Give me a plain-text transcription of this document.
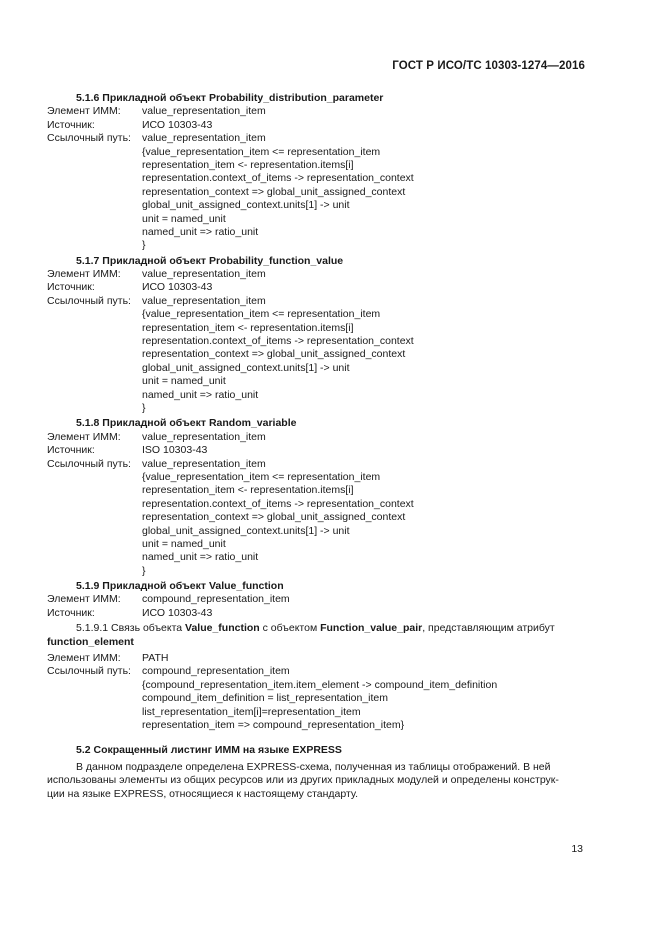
ГОСТ Р ИСО/ТС 10303-1274—2016
5.1.6 Прикладной объект Probability_distribution_parameter
Элемент ИММ:	value_representation_item
Источник:	ИСО 10303-43
Ссылочный путь:	value_representation_item
{value_representation_item <= representation_item
representation_item <- representation.items[i]
representation.context_of_items -> representation_context
representation_context => global_unit_assigned_context
global_unit_assigned_context.units[1] -> unit
unit = named_unit
named_unit => ratio_unit
}
5.1.7 Прикладной объект Probability_function_value
Элемент ИММ:	value_representation_item
Источник:	ИСО 10303-43
Ссылочный путь:	value_representation_item
{value_representation_item <= representation_item
representation_item <- representation.items[i]
representation.context_of_items -> representation_context
representation_context => global_unit_assigned_context
global_unit_assigned_context.units[1] -> unit
unit = named_unit
named_unit => ratio_unit
}
5.1.8 Прикладной объект Random_variable
Элемент ИММ:	value_representation_item
Источник:	ISO 10303-43
Ссылочный путь:	value_representation_item
{value_representation_item <= representation_item
representation_item <- representation.items[i]
representation.context_of_items -> representation_context
representation_context => global_unit_assigned_context
global_unit_assigned_context.units[1] -> unit
unit = named_unit
named_unit => ratio_unit
}
5.1.9 Прикладной объект Value_function
Элемент ИММ:	compound_representation_item
Источник:	ИСО 10303-43
5.1.9.1 Связь объекта Value_function с объектом Function_value_pair, представляющим атрибут
function_element
Элемент ИММ:	PATH
Ссылочный путь:	compound_representation_item
{compound_representation_item.item_element -> compound_item_definition
compound_item_definition = list_representation_item
list_representation_item[i]=representation_item
representation_item => compound_representation_item}
5.2 Сокращенный листинг ИММ на языке EXPRESS
В данном подразделе определена EXPRESS-схема, полученная из таблицы отображений. В ней
использованы элементы из общих ресурсов или из других прикладных модулей и определены конструк-
ции на языке EXPRESS, относящиеся к настоящему стандарту.
13
